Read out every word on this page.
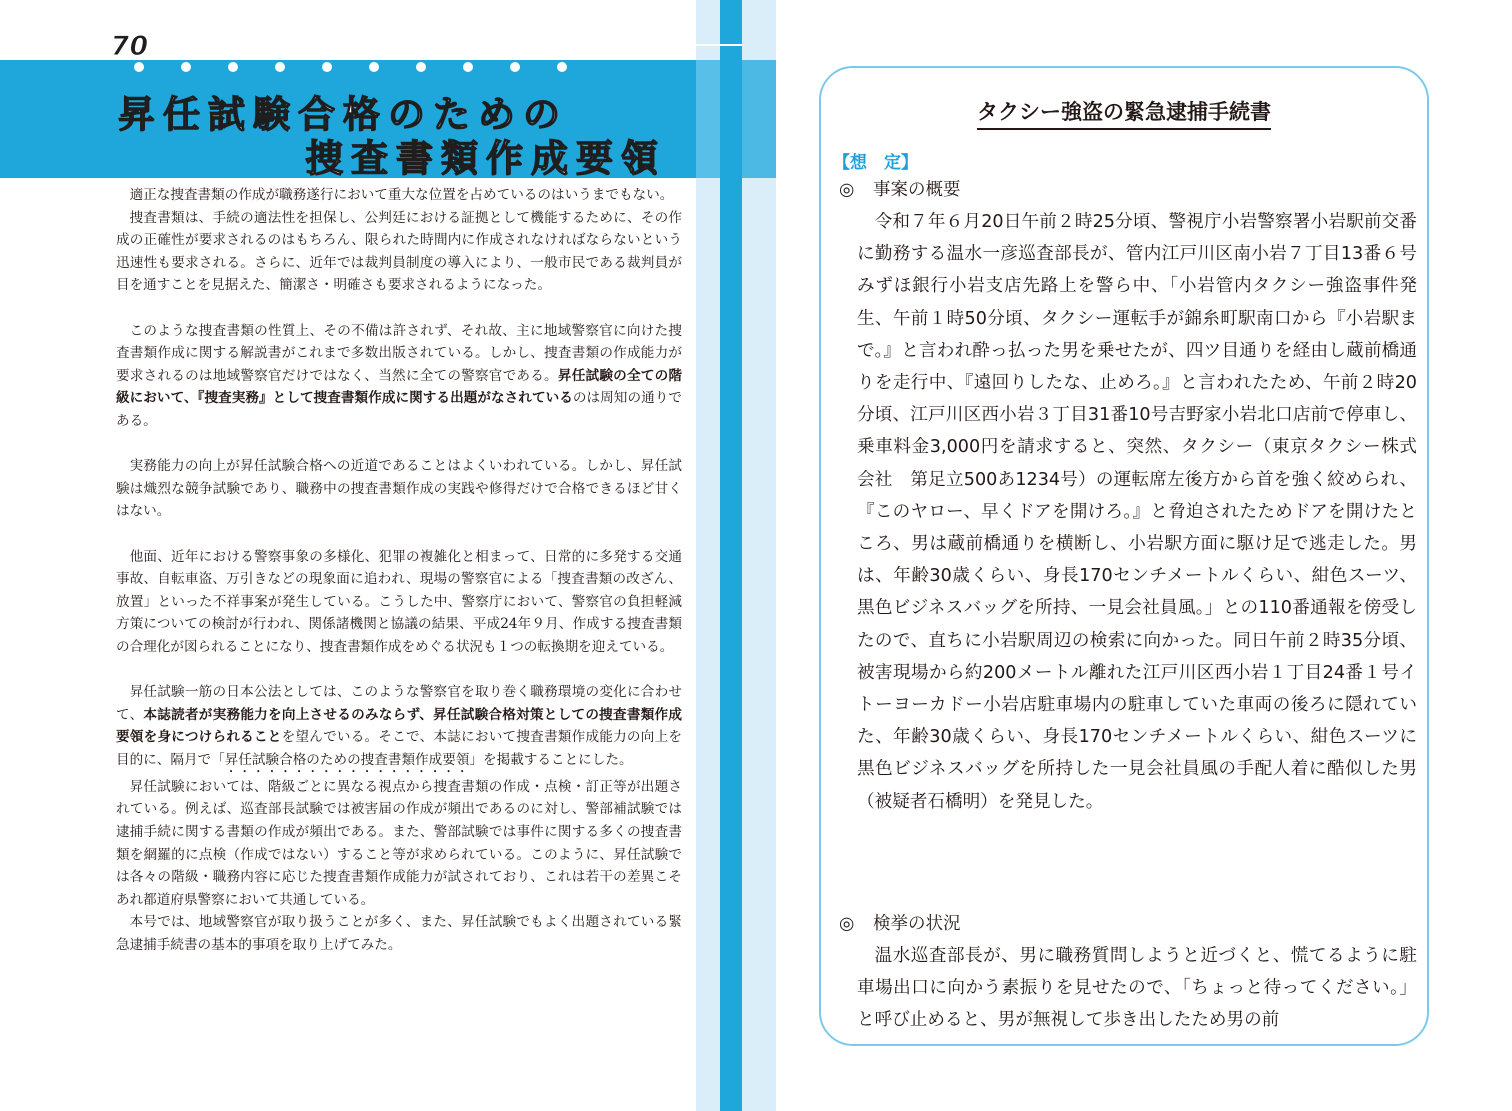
第70回
昇任試験合格のための
捜査書類作成要領

適正な捜査書類の作成が職務遂行において重大な位置を占めているのはいうまでもない。

捜査書類は、手続の適法性を担保し、公判廷における証拠として機能するために、その作成の正確性が要求されるのはもちろん、限られた時間内に作成されなければならないという迅速性も要求される。さらに、近年では裁判員制度の導入により、一般市民である裁判員が目を通すことを見据えた、簡潔さ・明確さも要求されるようになった。

このような捜査書類の性質上、その不備は許されず、それ故、主に地域警察官に向けた捜査書類作成に関する解説書がこれまで多数出版されている。しかし、捜査書類の作成能力が要求されるのは地域警察官だけではなく、当然に全ての警察官である。昇任試験の全ての階級において、『捜査実務』として捜査書類作成に関する出題がなされているのは周知の通りである。

実務能力の向上が昇任試験合格への近道であることはよくいわれている。しかし、昇任試験は熾烈な競争試験であり、職務中の捜査書類作成の実践や修得だけで合格できるほど甘くはない。

他面、近年における警察事象の多様化、犯罪の複雑化と相まって、日常的に多発する交通事故、自転車盗、万引きなどの現象面に追われ、現場の警察官による「捜査書類の改ざん、放置」といった不祥事案が発生している。こうした中、警察庁において、警察官の負担軽減方策についての検討が行われ、関係諸機関と協議の結果、平成24年９月、作成する捜査書類の合理化が図られることになり、捜査書類作成をめぐる状況も１つの転換期を迎えている。

昇任試験一筋の日本公法としては、このような警察官を取り巻く職務環境の変化に合わせて、本誌読者が実務能力を向上させるのみならず、昇任試験合格対策としての捜査書類作成要領を身につけられることを望んでいる。そこで、本誌において捜査書類作成能力の向上を目的に、隔月で「昇任試験合格のための捜査書類作成要領」を掲載することにした。

昇任試験においては、階級ごとに異なる視点から捜査書類の作成・点検・訂正等が出題されている。例えば、巡査部長試験では被害届の作成が頻出であるのに対し、警部補試験では逮捕手続に関する書類の作成が頻出である。また、警部試験では事件に関する多くの捜査書類を網羅的に点検（作成ではない）すること等が求められている。このように、昇任試験では各々の階級・職務内容に応じた捜査書類作成能力が試されており、これは若干の差異こそあれ都道府県警察において共通している。

本号では、地域警察官が取り扱うことが多く、また、昇任試験でもよく出題されている緊急逮捕手続書の基本的事項を取り上げてみた。

タクシー強盗の緊急逮捕手続書
【想　定】
◎ 事案の概要

令和７年６月20日午前２時25分頃、警視庁小岩警察署小岩駅前交番に勤務する温水一彦巡査部長が、管内江戸川区南小岩７丁目13番６号みずほ銀行小岩支店先路上を警ら中、「小岩管内タクシー強盗事件発生、午前１時50分頃、タクシー運転手が錦糸町駅南口から『小岩駅まで。』と言われ酔っ払った男を乗せたが、四ツ目通りを経由し蔵前橋通りを走行中、『遠回りしたな、止めろ。』と言われたため、午前２時20分頃、江戸川区西小岩３丁目31番10号吉野家小岩北口店前で停車し、乗車料金3,000円を請求すると、突然、タクシー（東京タクシー株式会社　第足立500あ1234号）の運転席左後方から首を強く絞められ、『このヤロー、早くドアを開けろ。』と脅迫されたためドアを開けたところ、男は蔵前橋通りを横断し、小岩駅方面に駆け足で逃走した。男は、年齢30歳くらい、身長170センチメートルくらい、紺色スーツ、黒色ビジネスバッグを所持、一見会社員風。」との110番通報を傍受したので、直ちに小岩駅周辺の検索に向かった。同日午前２時35分頃、被害現場から約200メートル離れた江戸川区西小岩１丁目24番１号イトーヨーカドー小岩店駐車場内の駐車していた車両の後ろに隠れていた、年齢30歳くらい、身長170センチメートルくらい、紺色スーツに黒色ビジネスバッグを所持した一見会社員風の手配人着に酷似した男（被疑者石橋明）を発見した。

◎ 検挙の状況

温水巡査部長が、男に職務質問しようと近づくと、慌てるように駐車場出口に向かう素振りを見せたので、「ちょっと待ってください。」と呼び止めると、男が無視して歩き出したため男の前
